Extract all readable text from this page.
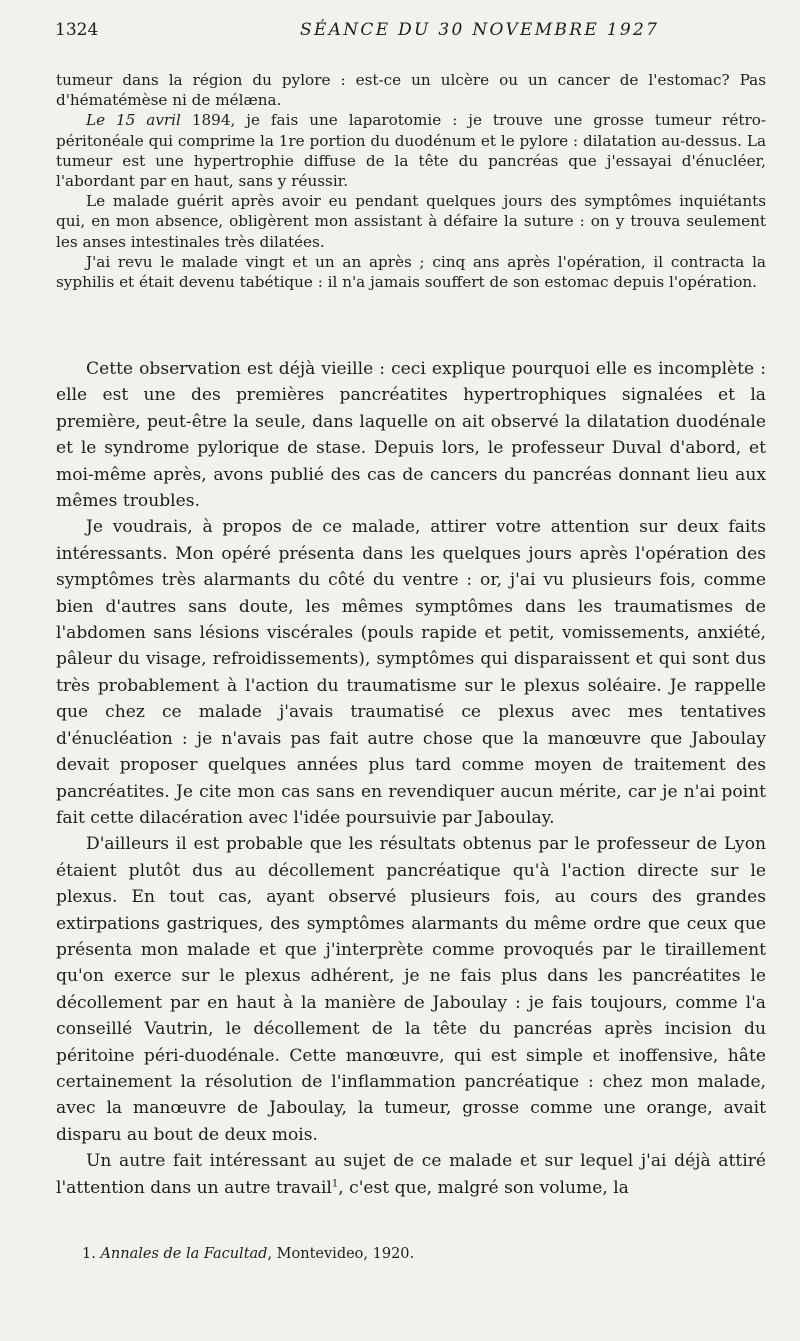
1324	SÉANCE DU 30 NOVEMBRE 1927

tumeur dans la région du pylore : est-ce un ulcère ou un cancer de l'estomac? Pas d'hématémèse ni de mélæna.

Le 15 avril 1894, je fais une laparotomie : je trouve une grosse tumeur rétro-péritonéale qui comprime la 1re portion du duodénum et le pylore : dilatation au-dessus. La tumeur est une hypertrophie diffuse de la tête du pancréas que j'essayai d'énucléer, l'abordant par en haut, sans y réussir.

Le malade guérit après avoir eu pendant quelques jours des symptômes inquiétants qui, en mon absence, obligèrent mon assistant à défaire la suture : on y trouva seulement les anses intestinales très dilatées.

J'ai revu le malade vingt et un an après ; cinq ans après l'opération, il contracta la syphilis et était devenu tabétique : il n'a jamais souffert de son estomac depuis l'opération.

Cette observation est déjà vieille : ceci explique pourquoi elle es incomplète : elle est une des premières pancréatites hypertrophiques signalées et la première, peut-être la seule, dans laquelle on ait observé la dilatation duodénale et le syndrome pylorique de stase. Depuis lors, le professeur Duval d'abord, et moi-même après, avons publié des cas de cancers du pancréas donnant lieu aux mêmes troubles.

Je voudrais, à propos de ce malade, attirer votre attention sur deux faits intéressants. Mon opéré présenta dans les quelques jours après l'opération des symptômes très alarmants du côté du ventre : or, j'ai vu plusieurs fois, comme bien d'autres sans doute, les mêmes symptômes dans les traumatismes de l'abdomen sans lésions viscérales (pouls rapide et petit, vomissements, anxiété, pâleur du visage, refroidissements), symptômes qui disparaissent et qui sont dus très probablement à l'action du traumatisme sur le plexus soléaire. Je rappelle que chez ce malade j'avais traumatisé ce plexus avec mes tentatives d'énucléation : je n'avais pas fait autre chose que la manœuvre que Jaboulay devait proposer quelques années plus tard comme moyen de traitement des pancréatites. Je cite mon cas sans en revendiquer aucun mérite, car je n'ai point fait cette dilacération avec l'idée poursuivie par Jaboulay.

D'ailleurs il est probable que les résultats obtenus par le professeur de Lyon étaient plutôt dus au décollement pancréatique qu'à l'action directe sur le plexus. En tout cas, ayant observé plusieurs fois, au cours des grandes extirpations gastriques, des symptômes alarmants du même ordre que ceux que présenta mon malade et que j'interprète comme provoqués par le tiraillement qu'on exerce sur le plexus adhérent, je ne fais plus dans les pancréatites le décollement par en haut à la manière de Jaboulay : je fais toujours, comme l'a conseillé Vautrin, le décollement de la tête du pancréas après incision du péritoine péri-duodénale. Cette manœuvre, qui est simple et inoffensive, hâte certainement la résolution de l'inflammation pancréatique : chez mon malade, avec la manœuvre de Jaboulay, la tumeur, grosse comme une orange, avait disparu au bout de deux mois.

Un autre fait intéressant au sujet de ce malade et sur lequel j'ai déjà attiré l'attention dans un autre travail$^1$, c'est que, malgré son volume, la

1. Annales de la Facultad, Montevideo, 1920.
